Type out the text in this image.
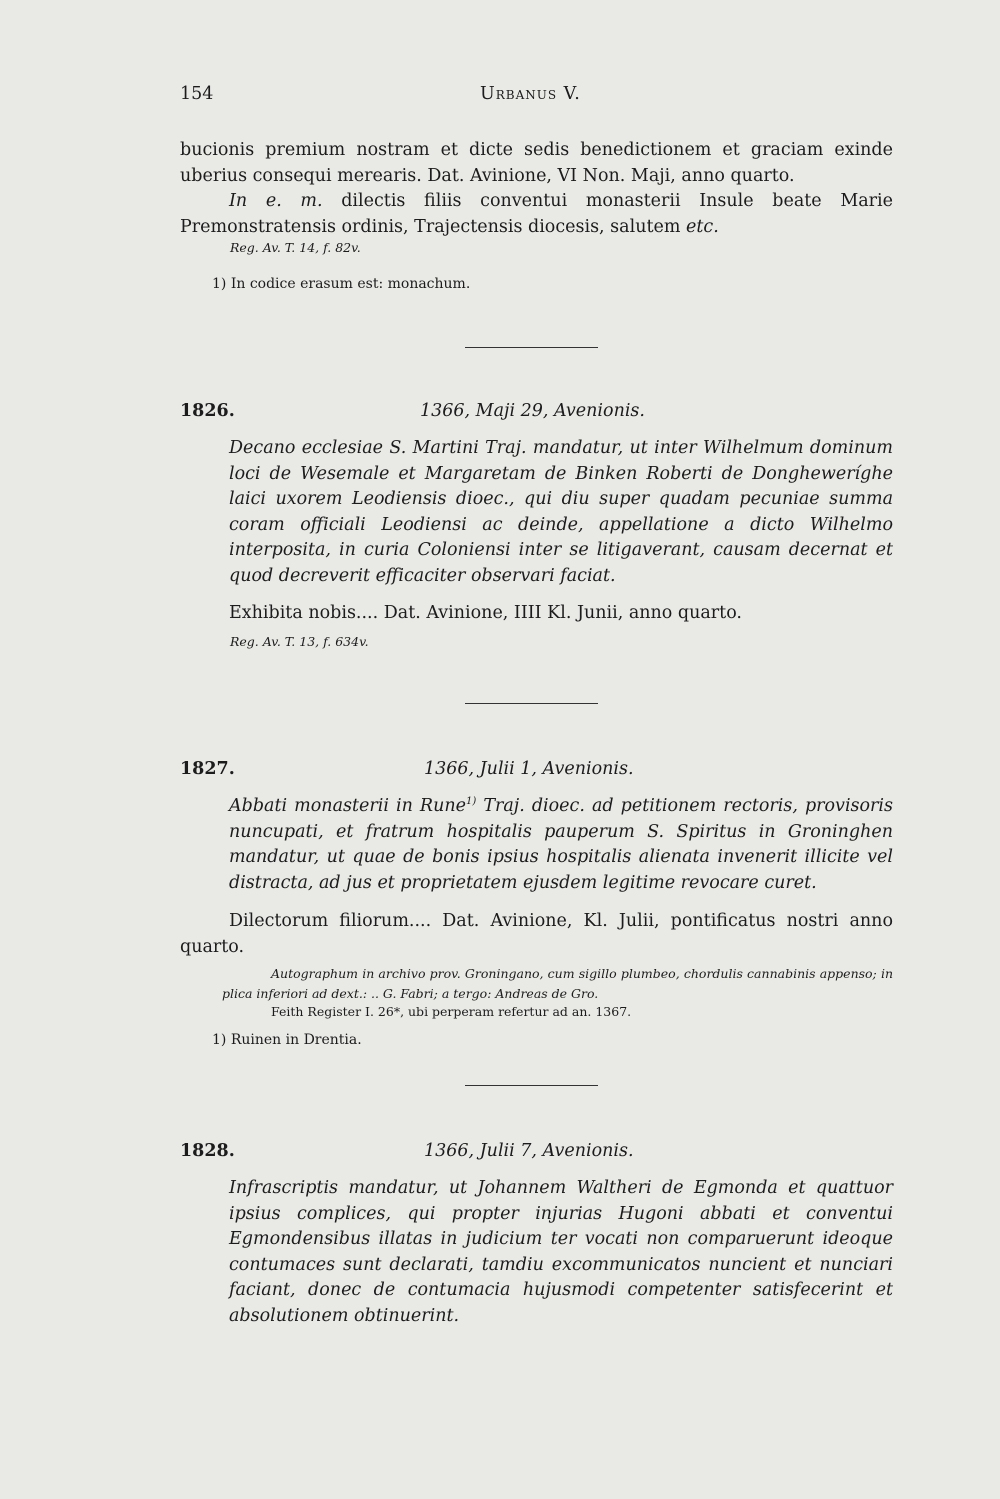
154	Urbanus V.

bucionis premium nostram et dicte sedis benedictionem et graciam exinde uberius consequi merearis. Dat. Avinione, VI Non. Maji, anno quarto.

In e. m. dilectis filiis conventui monasterii Insule beate Marie Premonstratensis ordinis, Trajectensis diocesis, salutem etc.

Reg. Av. T. 14, f. 82v.
1) In codice erasum est: monachum.
1826.	1366, Maji 29, Avenionis.
Decano ecclesiae S. Martini Traj. mandatur, ut inter Wilhelmum dominum loci de Wesemale et Margaretam de Binken Roberti de Dongheweríghe laici uxorem Leodiensis dioec., qui diu super quadam pecuniae summa coram officiali Leodiensi ac deinde, appellatione a dicto Wilhelmo interposita, in curia Coloniensi inter se litigaverant, causam decernat et quod decreverit efficaciter observari faciat.
Exhibita nobis.... Dat. Avinione, IIII Kl. Junii, anno quarto.
Reg. Av. T. 13, f. 634v.
1827.	1366, Julii 1, Avenionis.
Abbati monasterii in Rune$^{1)}$ Traj. dioec. ad petitionem rectoris, provisoris nuncupati, et fratrum hospitalis pauperum S. Spiritus in Groninghen mandatur, ut quae de bonis ipsius hospitalis alienata invenerit illicite vel distracta, ad jus et proprietatem ejusdem legitime revocare curet.

Dilectorum filiorum.... Dat. Avinione, Kl. Julii, pontificatus nostri anno quarto.

Autographum in archivo prov. Groningano, cum sigillo plumbeo, chordulis cannabinis appenso; in plica inferiori ad dext.: .. G. Fabri; a tergo: Andreas de Gro.
Feith Register I. 26*, ubi perperam refertur ad an. 1367.
1) Ruinen in Drentia.
1828.	1366, Julii 7, Avenionis.
Infrascriptis mandatur, ut Johannem Waltheri de Egmonda et quattuor ipsius complices, qui propter injurias Hugoni abbati et conventui Egmondensibus illatas in judicium ter vocati non comparuerunt ideoque contumaces sunt declarati, tamdiu excommunicatos nuncient et nunciari faciant, donec de contumacia hujusmodi competenter satisfecerint et absolutionem obtinuerint.
